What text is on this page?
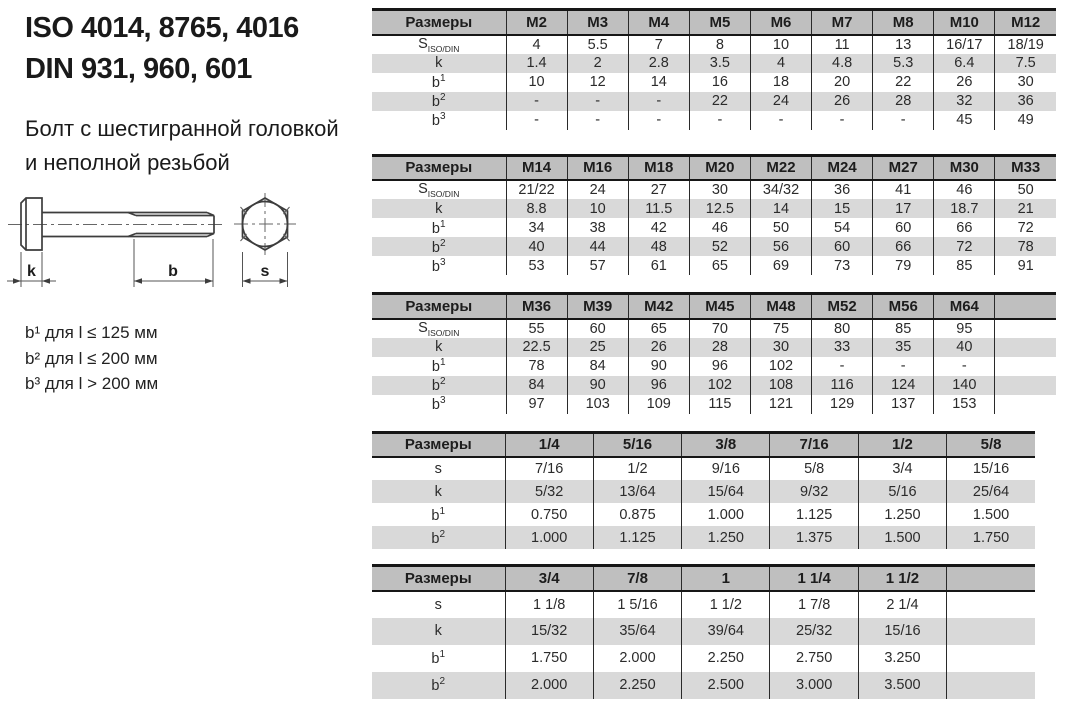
ISO 4014, 8765, 4016
DIN 931, 960, 601
Болт с шестигранной головкой
и неполной резьбой
k	b	s
b¹ для l ≤ 125 мм
b² для l ≤ 200 мм
b³ для l > 200 мм
Размеры	M2	M3	M4	M5	M6	M7	M8	M10	M12
$S_{ISO/DIN}$	4	5.5	7	8	10	11	13	16/17	18/19
k	1.4	2	2.8	3.5	4	4.8	5.3	6.4	7.5
$b^1$	10	12	14	16	18	20	22	26	30
$b^2$	-	-	-	22	24	26	28	32	36
$b^3$	-	-	-	-	-	-	-	45	49
Размеры	M14	M16	M18	M20	M22	M24	M27	M30	M33
$S_{ISO/DIN}$	21/22	24	27	30	34/32	36	41	46	50
k	8.8	10	11.5	12.5	14	15	17	18.7	21
$b^1$	34	38	42	46	50	54	60	66	72
$b^2$	40	44	48	52	56	60	66	72	78
$b^3$	53	57	61	65	69	73	79	85	91
Размеры	M36	M39	M42	M45	M48	M52	M56	M64	
$S_{ISO/DIN}$	55	60	65	70	75	80	85	95	
k	22.5	25	26	28	30	33	35	40	
$b^1$	78	84	90	96	102	-	-	-	
$b^2$	84	90	96	102	108	116	124	140	
$b^3$	97	103	109	115	121	129	137	153	
Размеры	1/4	5/16	3/8	7/16	1/2	5/8
s	7/16	1/2	9/16	5/8	3/4	15/16
k	5/32	13/64	15/64	9/32	5/16	25/64
$b^1$	0.750	0.875	1.000	1.125	1.250	1.500
$b^2$	1.000	1.125	1.250	1.375	1.500	1.750
Размеры	3/4	7/8	1	1 1/4	1 1/2	
s	1 1/8	1 5/16	1 1/2	1 7/8	2 1/4	
k	15/32	35/64	39/64	25/32	15/16	
$b^1$	1.750	2.000	2.250	2.750	3.250	
$b^2$	2.000	2.250	2.500	3.000	3.500	
